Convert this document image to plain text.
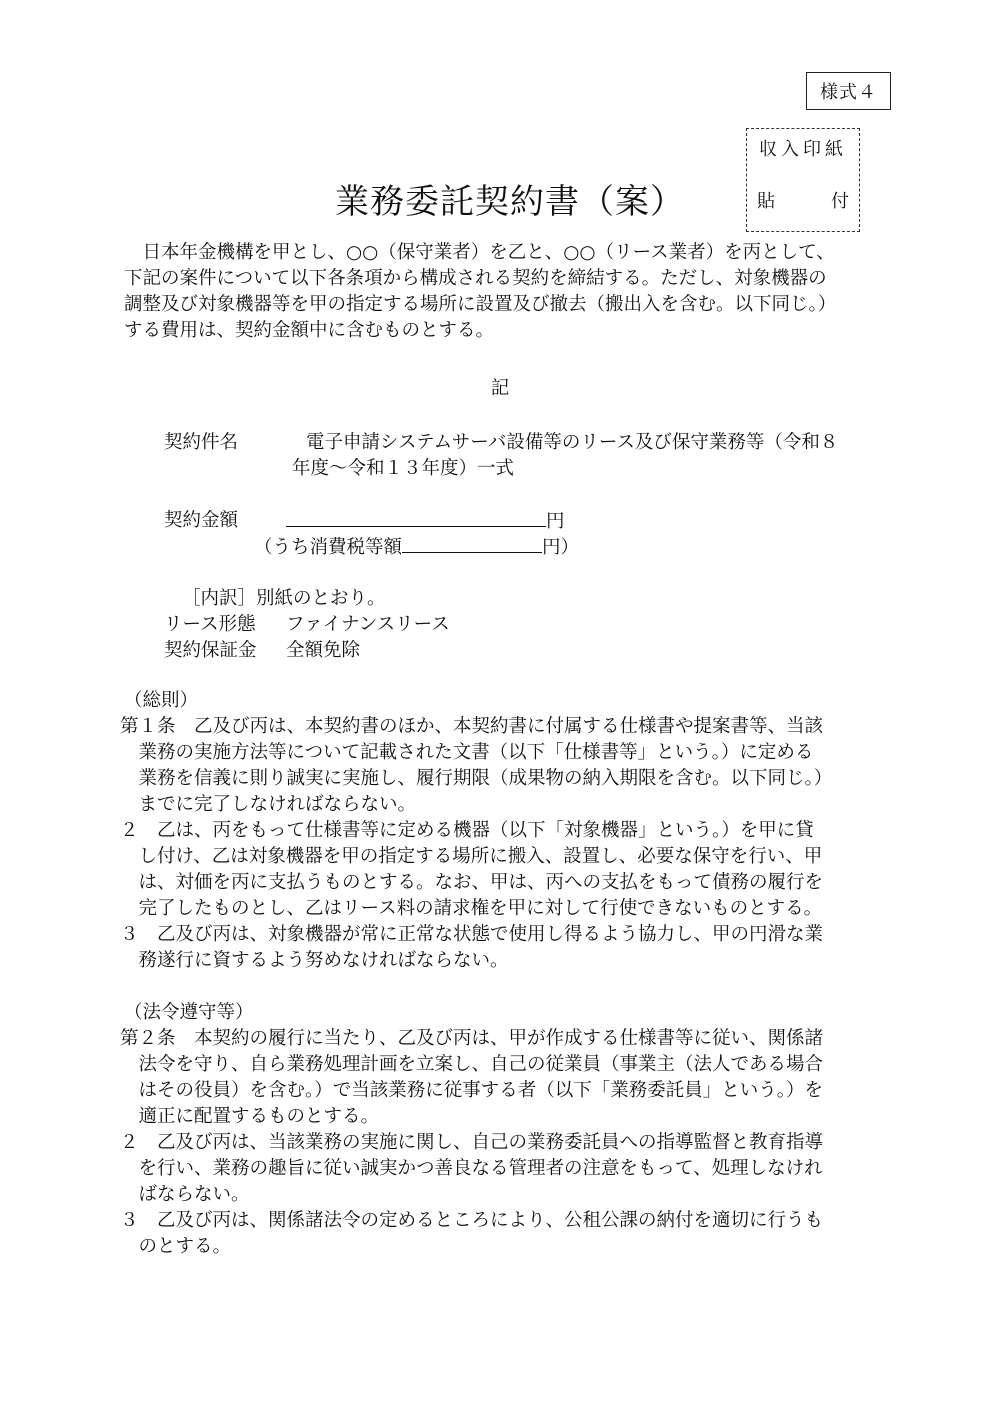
様式４
収入印紙
貼	付
業務委託契約書（案）

　日本年金機構を甲とし、○○（保守業者）を乙と、○○（リース業者）を丙として、

下記の案件について以下各条項から構成される契約を締結する。ただし、対象機器の

調整及び対象機器等を甲の指定する場所に設置及び撤去（搬出入を含む。以下同じ。）

する費用は、契約金額中に含むものとする。

記
契約件名	電子申請システムサーバ設備等のリース及び保守業務等（令和８
年度～令和１３年度）一式
契約金額	円
（うち消費税等額	円）
［内訳］別紙のとおり。
リース形態 ファイナンスリース
契約保証金 全額免除
（総則）

第１条　乙及び丙は、本契約書のほか、本契約書に付属する仕様書や提案書等、当該

　業務の実施方法等について記載された文書（以下「仕様書等」という。）に定める

　業務を信義に則り誠実に実施し、履行期限（成果物の納入期限を含む。以下同じ。）

　までに完了しなければならない。

２　乙は、丙をもって仕様書等に定める機器（以下「対象機器」という。）を甲に貸

　し付け、乙は対象機器を甲の指定する場所に搬入、設置し、必要な保守を行い、甲

　は、対価を丙に支払うものとする。なお、甲は、丙への支払をもって債務の履行を

　完了したものとし、乙はリース料の請求権を甲に対して行使できないものとする。

３　乙及び丙は、対象機器が常に正常な状態で使用し得るよう協力し、甲の円滑な業

　務遂行に資するよう努めなければならない。

（法令遵守等）

第２条　本契約の履行に当たり、乙及び丙は、甲が作成する仕様書等に従い、関係諸

　法令を守り、自ら業務処理計画を立案し、自己の従業員（事業主（法人である場合

　はその役員）を含む。）で当該業務に従事する者（以下「業務委託員」という。）を

　適正に配置するものとする。

２　乙及び丙は、当該業務の実施に関し、自己の業務委託員への指導監督と教育指導

　を行い、業務の趣旨に従い誠実かつ善良なる管理者の注意をもって、処理しなけれ

　ばならない。

３　乙及び丙は、関係諸法令の定めるところにより、公租公課の納付を適切に行うも

　のとする。
